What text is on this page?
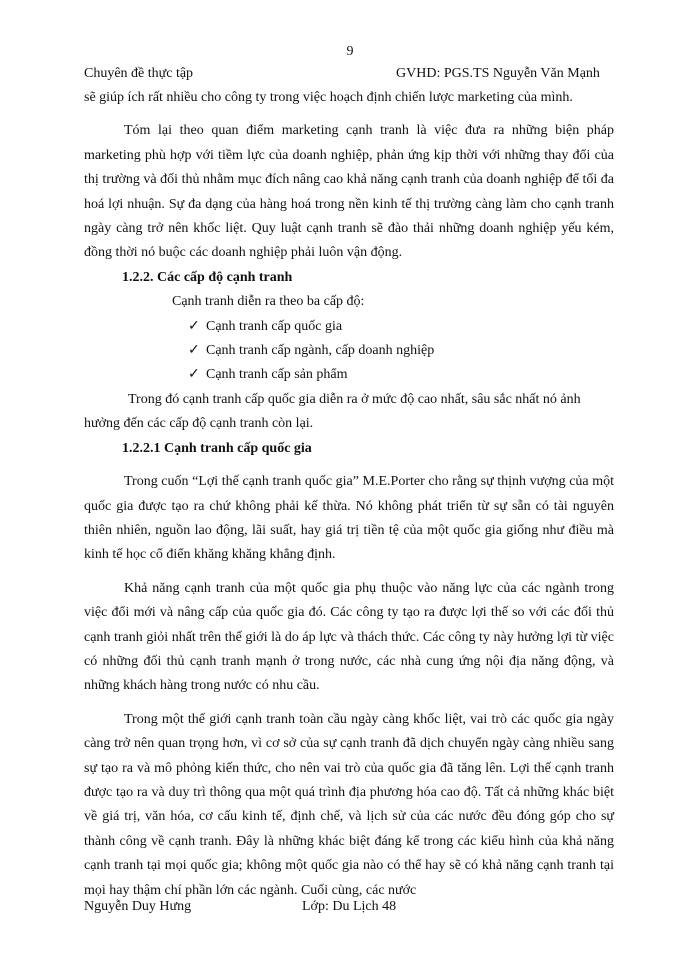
9
Chuyên đề thực tập	GVHD: PGS.TS Nguyễn Văn Mạnh

sẽ giúp ích rất nhiều cho công ty trong việc hoạch định chiến lược marketing của mình.

Tóm lại theo quan điểm marketing cạnh tranh là việc đưa ra những biện pháp marketing phù hợp với tiềm lực của doanh nghiệp, phản ứng kịp thời với những thay đổi của thị trường và đối thủ nhằm mục đích nâng cao khả năng cạnh tranh của doanh nghiệp để tối đa hoá lợi nhuận. Sự đa dạng của hàng hoá trong nền kinh tế thị trường càng làm cho cạnh tranh ngày càng trở nên khốc liệt. Quy luật cạnh tranh sẽ đào thải những doanh nghiệp yếu kém, đồng thời nó buộc các doanh nghiệp phải luôn vận động.

1.2.2. Các cấp độ cạnh tranh

Cạnh tranh diễn ra theo ba cấp độ:

✓ Cạnh tranh cấp quốc gia
✓ Cạnh tranh cấp ngành, cấp doanh nghiệp
✓ Cạnh tranh cấp sản phẩm

Trong đó cạnh tranh cấp quốc gia diễn ra ở mức độ cao nhất, sâu sắc nhất nó ảnh hưởng đến các cấp độ cạnh tranh còn lại.

1.2.2.1 Cạnh tranh cấp quốc gia

Trong cuốn “Lợi thế cạnh tranh quốc gia” M.E.Porter cho rằng sự thịnh vượng của một quốc gia được tạo ra chứ không phải kế thừa. Nó không phát triển từ sự sẵn có tài nguyên thiên nhiên, nguồn lao động, lãi suất, hay giá trị tiền tệ của một quốc gia giống như điều mà kinh tế học cổ điển khăng khăng khẳng định.

Khả năng cạnh tranh của một quốc gia phụ thuộc vào năng lực của các ngành trong việc đổi mới và nâng cấp của quốc gia đó. Các công ty tạo ra được lợi thế so với các đối thủ cạnh tranh giỏi nhất trên thế giới là do áp lực và thách thức. Các công ty này hưởng lợi từ việc có những đối thủ cạnh tranh mạnh ở trong nước, các nhà cung ứng nội địa năng động, và những khách hàng trong nước có nhu cầu.

Trong một thế giới cạnh tranh toàn cầu ngày càng khốc liệt, vai trò các quốc gia ngày càng trở nên quan trọng hơn, vì cơ sở của sự cạnh tranh đã dịch chuyển ngày càng nhiều sang sự tạo ra và mô phỏng kiến thức, cho nên vai trò của quốc gia đã tăng lên. Lợi thế cạnh tranh được tạo ra và duy trì thông qua một quá trình địa phương hóa cao độ. Tất cả những khác biệt về giá trị, văn hóa, cơ cấu kinh tế, định chế, và lịch sử của các nước đều đóng góp cho sự thành công về cạnh tranh. Đây là những khác biệt đáng kể trong các kiểu hình của khả năng cạnh tranh tại mọi quốc gia; không một quốc gia nào có thể hay sẽ có khả năng cạnh tranh tại mọi hay thậm chí phần lớn các ngành. Cuối cùng, các nước

Nguyễn Duy Hưng	Lớp: Du Lịch 48
